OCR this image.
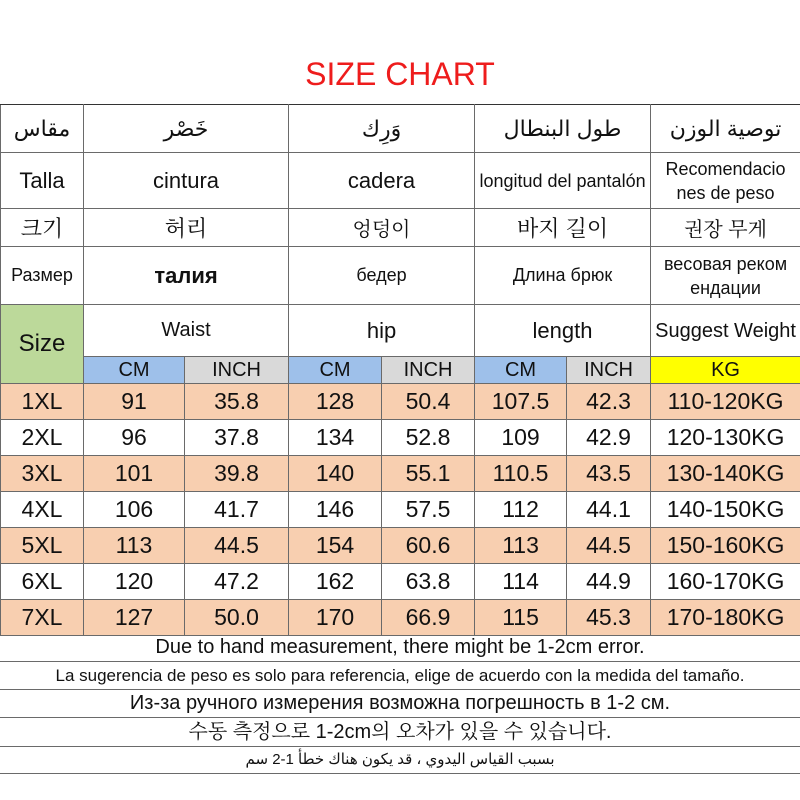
SIZE CHART
مقاس	خَصْر		وَرِك		طول البنطال		توصية الوزن
Talla	cintura		cadera		longitud del pantalón		Recomendacio nes de peso
크기	허리		엉덩이		바지 길이		권장 무게
Размер	талия		бедер		Длина брюк		весовая реком ендации
Size	Waist		hip		length		Suggest Weight
	CM	INCH	CM	INCH	CM	INCH	KG
1XL	91	35.8	128	50.4	107.5	42.3	110-120KG
2XL	96	37.8	134	52.8	109	42.9	120-130KG
3XL	101	39.8	140	55.1	110.5	43.5	130-140KG
4XL	106	41.7	146	57.5	112	44.1	140-150KG
5XL	113	44.5	154	60.6	113	44.5	150-160KG
6XL	120	47.2	162	63.8	114	44.9	160-170KG
7XL	127	50.0	170	66.9	115	45.3	170-180KG
Due to hand measurement, there might be 1-2cm error.
La sugerencia de peso es solo para referencia, elige de acuerdo con la medida del tamaño.
Из-за ручного измерения возможна погрешность в 1-2 см.
수동 측정으로 1-2cm의 오차가 있을 수 있습니다.
بسبب القياس اليدوي ، قد يكون هناك خطأ 1-2 سم
